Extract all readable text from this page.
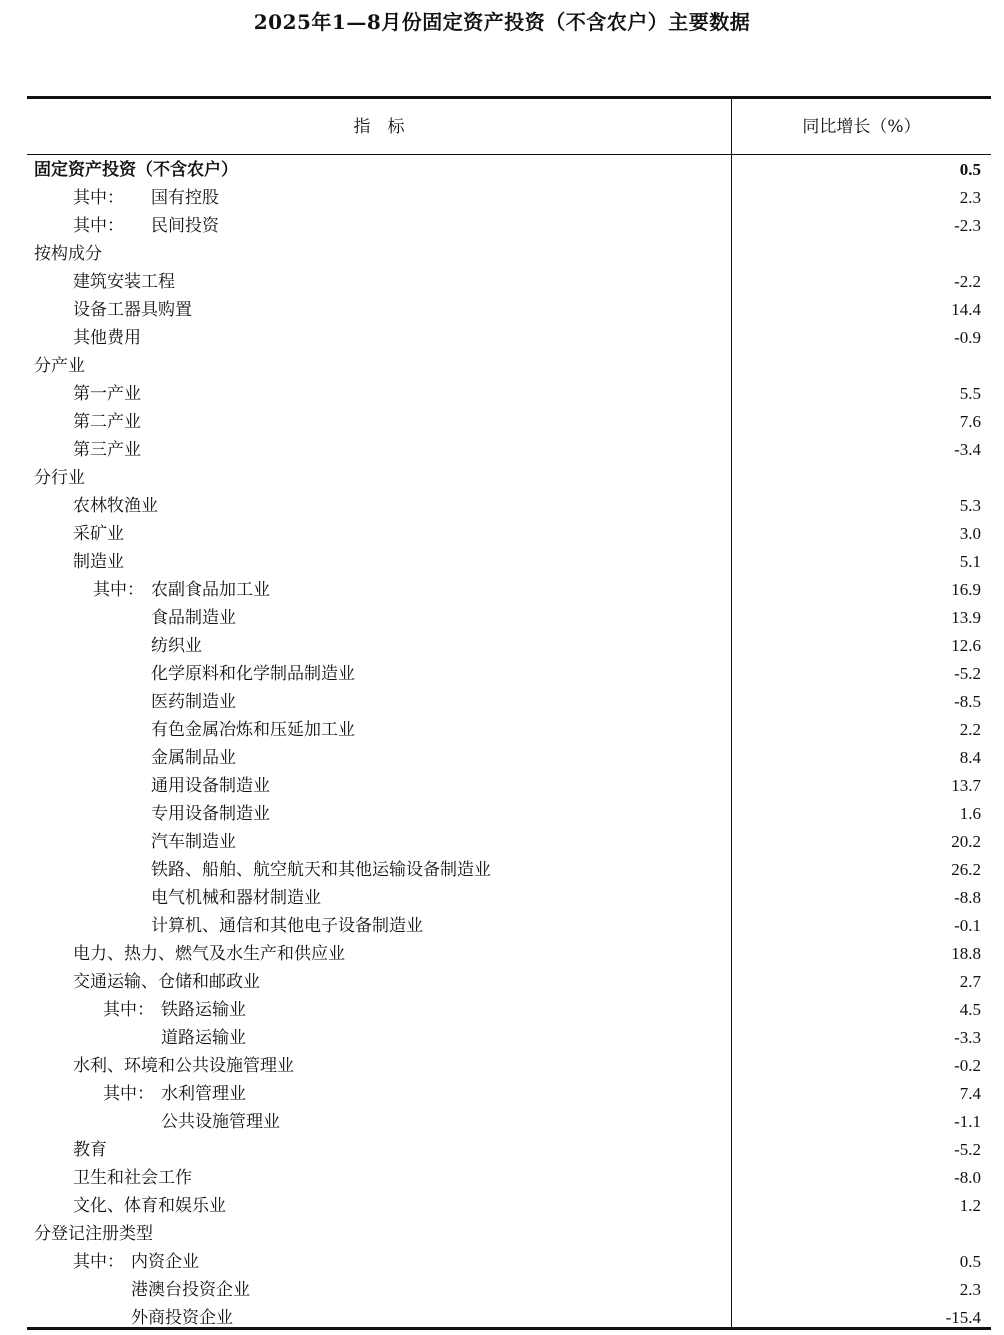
2025年1—8月份固定资产投资（不含农户）主要数据
指　标	同比增长（%）
固定资产投资（不含农户）	0.5
其中： 国有控股	2.3
其中： 民间投资	-2.3
按构成分
建筑安装工程	-2.2
设备工器具购置	14.4
其他费用	-0.9
分产业
第一产业	5.5
第二产业	7.6
第三产业	-3.4
分行业
农林牧渔业	5.3
采矿业	3.0
制造业	5.1
其中： 农副食品加工业	16.9
食品制造业	13.9
纺织业	12.6
化学原料和化学制品制造业	-5.2
医药制造业	-8.5
有色金属冶炼和压延加工业	2.2
金属制品业	8.4
通用设备制造业	13.7
专用设备制造业	1.6
汽车制造业	20.2
铁路、船舶、航空航天和其他运输设备制造业	26.2
电气机械和器材制造业	-8.8
计算机、通信和其他电子设备制造业	-0.1
电力、热力、燃气及水生产和供应业	18.8
交通运输、仓储和邮政业	2.7
其中： 铁路运输业	4.5
道路运输业	-3.3
水利、环境和公共设施管理业	-0.2
其中： 水利管理业	7.4
公共设施管理业	-1.1
教育	-5.2
卫生和社会工作	-8.0
文化、体育和娱乐业	1.2
分登记注册类型
其中： 内资企业	0.5
港澳台投资企业	2.3
外商投资企业	-15.4
